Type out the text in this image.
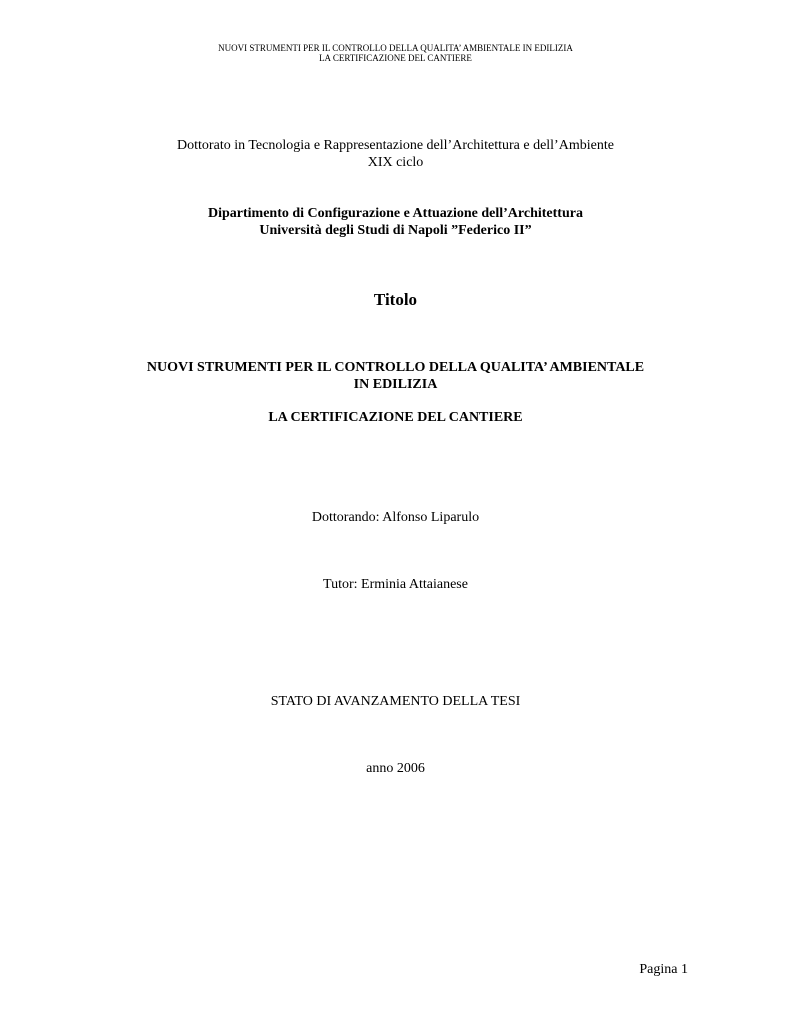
NUOVI STRUMENTI PER IL CONTROLLO DELLA QUALITA’ AMBIENTALE IN EDILIZIA
LA CERTIFICAZIONE DEL CANTIERE
Dottorato in Tecnologia e Rappresentazione dell’Architettura e dell’Ambiente
XIX ciclo
Dipartimento di Configurazione e Attuazione dell’Architettura
Università degli Studi di Napoli ”Federico II”
Titolo
NUOVI STRUMENTI PER IL CONTROLLO DELLA QUALITA’ AMBIENTALE
IN EDILIZIA
LA CERTIFICAZIONE DEL CANTIERE
Dottorando: Alfonso Liparulo
Tutor: Erminia Attaianese
STATO DI AVANZAMENTO DELLA TESI
anno 2006
Pagina 1
